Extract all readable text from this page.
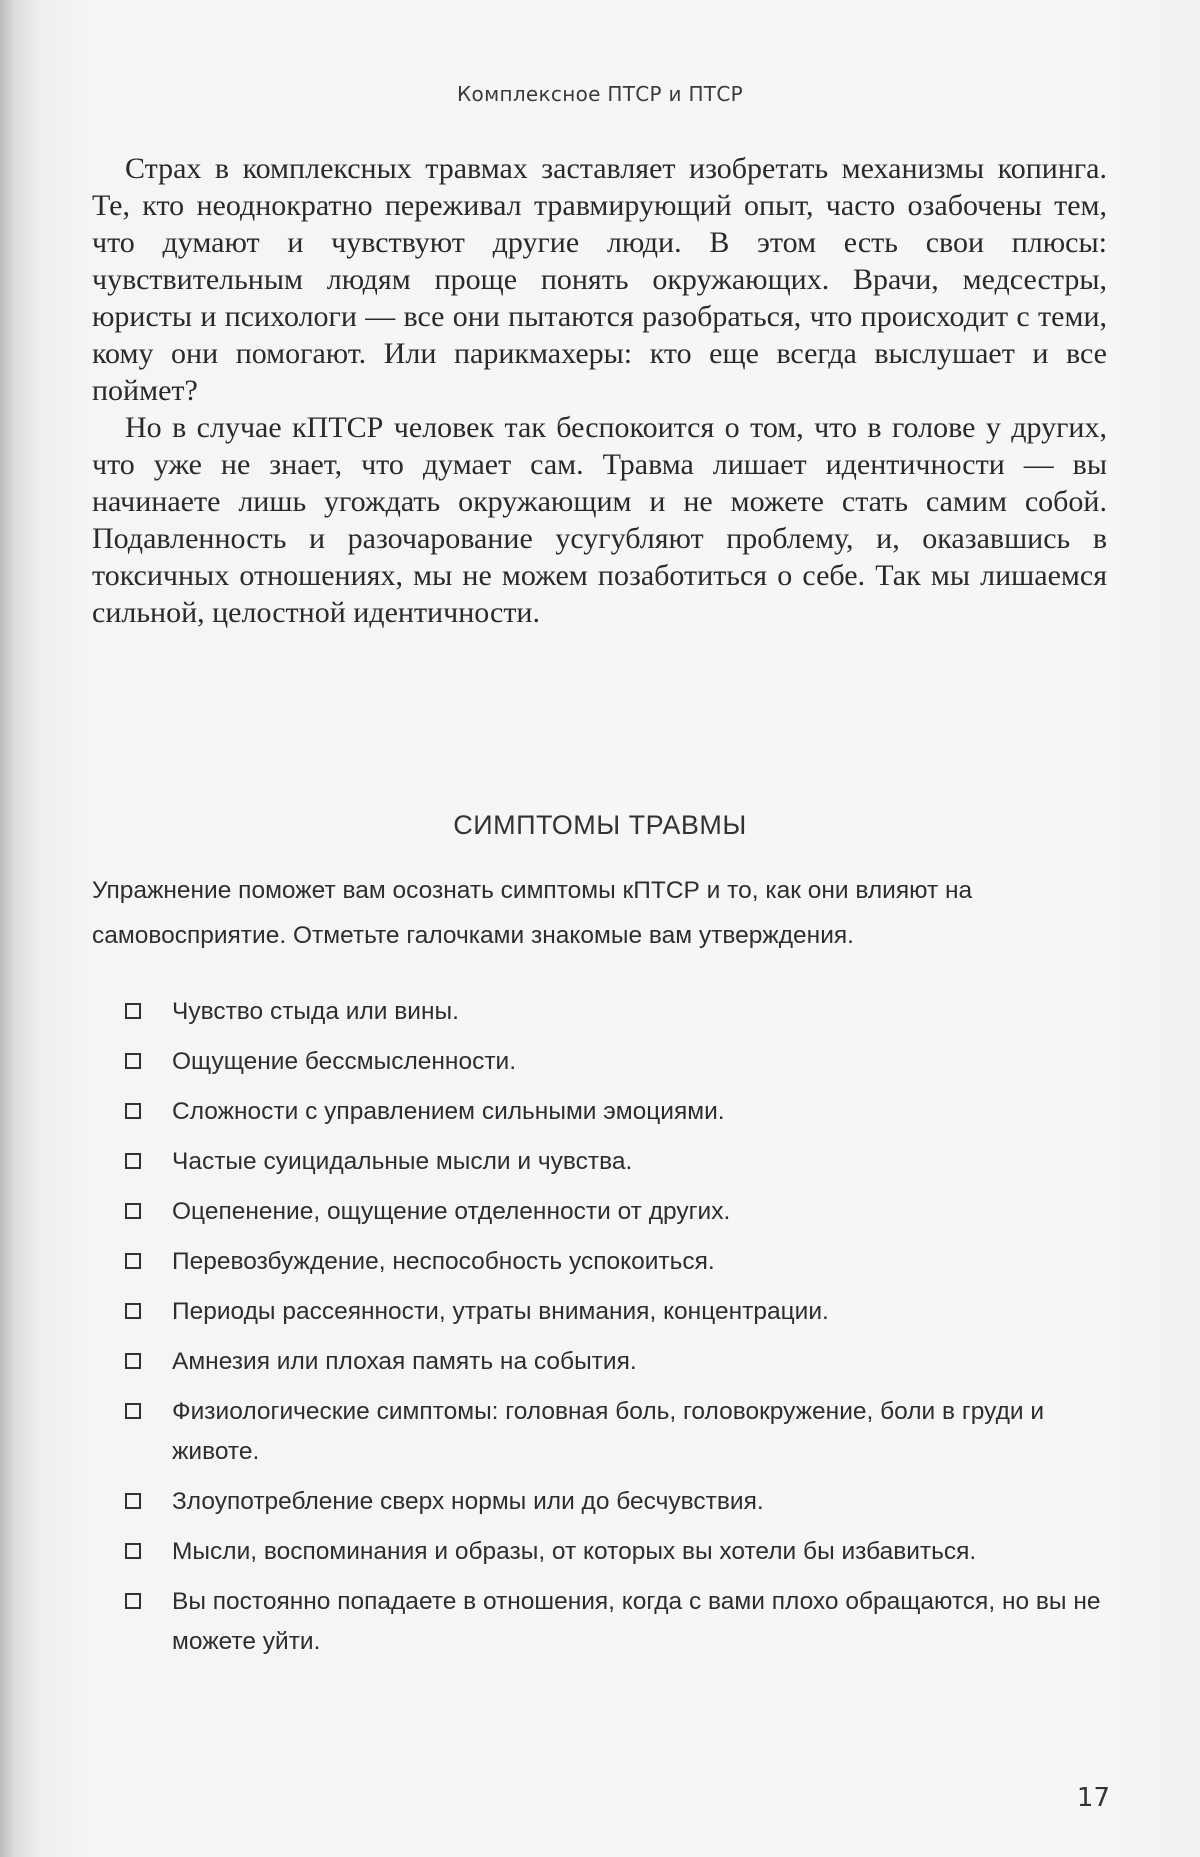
Комплексное ПТСР и ПТСР

Страх в комплексных травмах заставляет изобретать механизмы копинга. Те, кто неоднократно переживал травмирующий опыт, часто озабочены тем, что думают и чувствуют другие люди. В этом есть свои плюсы: чувствительным людям проще понять окружающих. Врачи, медсестры, юристы и психологи — все они пытаются разобраться, что происходит с теми, кому они помогают. Или парикмахеры: кто еще всегда выслушает и все поймет?

Но в случае кПТСР человек так беспокоится о том, что в голове у других, что уже не знает, что думает сам. Травма лишает идентичности — вы начинаете лишь угождать окружающим и не можете стать самим собой. Подавленность и разочарование усугубляют проблему, и, оказавшись в токсичных отношениях, мы не можем позаботиться о себе. Так мы лишаемся сильной, целостной идентичности.

СИМПТОМЫ ТРАВМЫ
Упражнение поможет вам осознать симптомы кПТСР и то, как они влияют на самовосприятие. Отметьте галочками знакомые вам утверждения.
Чувство стыда или вины.
Ощущение бессмысленности.
Сложности с управлением сильными эмоциями.
Частые суицидальные мысли и чувства.
Оцепенение, ощущение отделенности от других.
Перевозбуждение, неспособность успокоиться.
Периоды рассеянности, утраты внимания, концентрации.
Амнезия или плохая память на события.
Физиологические симптомы: головная боль, головокружение, боли в груди и животе.
Злоупотребление сверх нормы или до бесчувствия.
Мысли, воспоминания и образы, от которых вы хотели бы избавиться.
Вы постоянно попадаете в отношения, когда с вами плохо обращаются, но вы не можете уйти.
17
